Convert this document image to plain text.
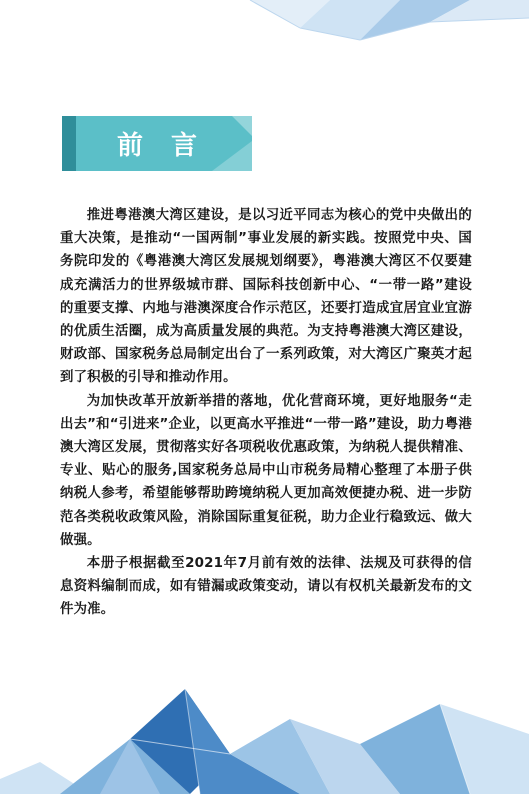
前言

推进粤港澳大湾区建设，是以习近平同志为核心的党中央做出的重大决策，是推动“一国两制”事业发展的新实践。按照党中央、国务院印发的《粤港澳大湾区发展规划纲要》，粤港澳大湾区不仅要建成充满活力的世界级城市群、国际科技创新中心、“一带一路”建设的重要支撑、内地与港澳深度合作示范区，还要打造成宜居宜业宜游的优质生活圈，成为高质量发展的典范。为支持粤港澳大湾区建设，财政部、国家税务总局制定出台了一系列政策，对大湾区广聚英才起到了积极的引导和推动作用。

为加快改革开放新举措的落地，优化营商环境，更好地服务“走出去”和“引进来”企业，以更高水平推进“一带一路”建设，助力粤港澳大湾区发展，贯彻落实好各项税收优惠政策，为纳税人提供精准、专业、贴心的服务,国家税务总局中山市税务局精心整理了本册子供纳税人参考，希望能够帮助跨境纳税人更加高效便捷办税、进一步防范各类税收政策风险，消除国际重复征税，助力企业行稳致远、做大做强。

本册子根据截至2021年7月前有效的法律、法规及可获得的信息资料编制而成，如有错漏或政策变动，请以有权机关最新发布的文件为准。
